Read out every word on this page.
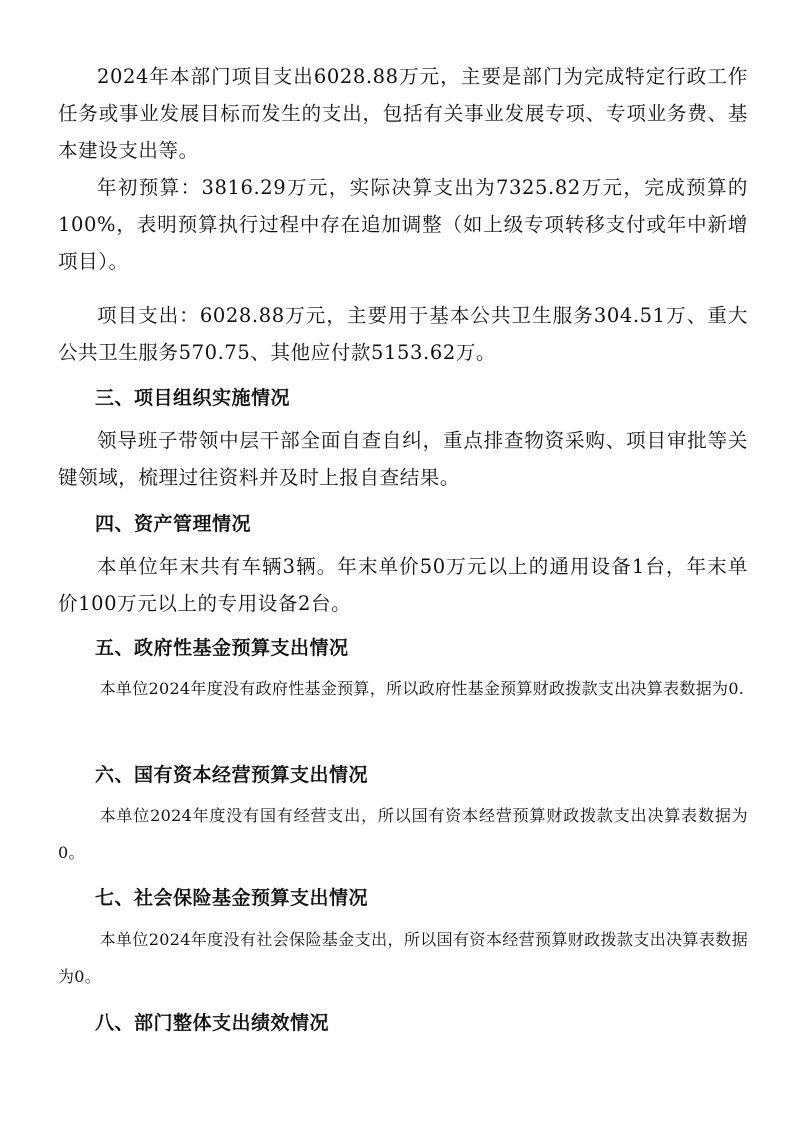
2024年本部门项目支出6028.88万元，主要是部门为完成特定行政工作任务或事业发展目标而发生的支出，包括有关事业发展专项、专项业务费、基本建设支出等。

年初预算：3816.29万元，实际决算支出为7325.82万元，完成预算的100%，表明预算执行过程中存在追加调整（如上级专项转移支付或年中新增项目）。

项目支出：6028.88万元，主要用于基本公共卫生服务304.51万、重大公共卫生服务570.75、其他应付款5153.62万。

三、项目组织实施情况

领导班子带领中层干部全面自查自纠，重点排查物资采购、项目审批等关键领域，梳理过往资料并及时上报自查结果。

四、资产管理情况

本单位年末共有车辆3辆。年末单价50万元以上的通用设备1台，年末单价100万元以上的专用设备2台。

五、政府性基金预算支出情况

本单位2024年度没有政府性基金预算，所以政府性基金预算财政拨款支出决算表数据为0.

六、国有资本经营预算支出情况

本单位2024年度没有国有经营支出，所以国有资本经营预算财政拨款支出决算表数据为0。

七、社会保险基金预算支出情况

本单位2024年度没有社会保险基金支出，所以国有资本经营预算财政拨款支出决算表数据为0。

八、部门整体支出绩效情况
